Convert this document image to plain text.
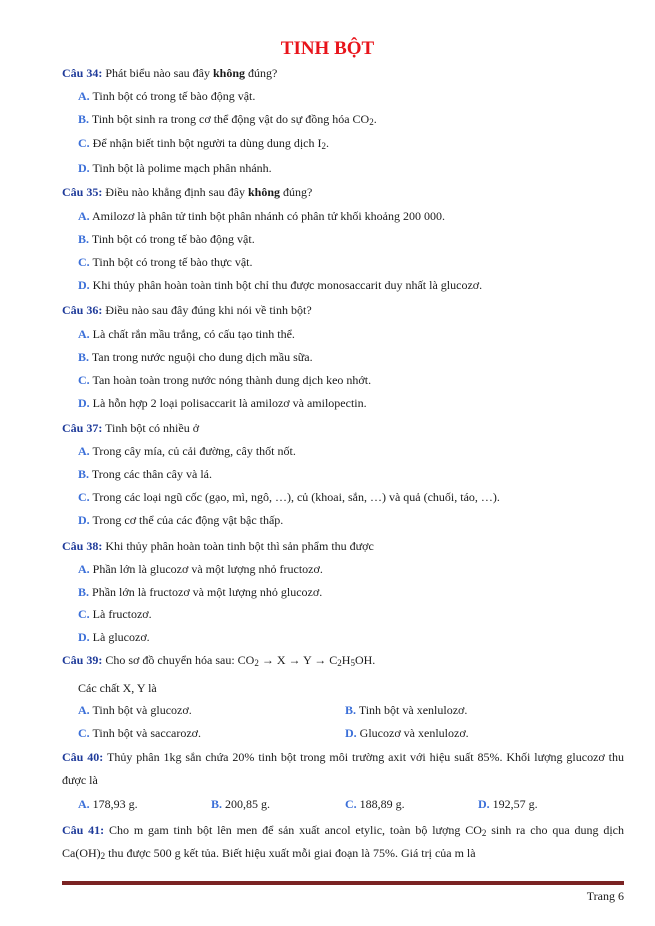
TINH BỘT
Câu 34: Phát biểu nào sau đây không đúng?
A. Tinh bột có trong tế bào động vật.
B. Tinh bột sinh ra trong cơ thể động vật do sự đồng hóa $CO_2$.
C. Để nhận biết tinh bột người ta dùng dung dịch $I_2$.
D. Tinh bột là polime mạch phân nhánh.
Câu 35: Điều nào khẳng định sau đây không đúng?
A. Amilozơ là phân tử tinh bột phân nhánh có phân tử khối khoảng 200 000.
B. Tinh bột có trong tế bào động vật.
C. Tinh bột có trong tế bào thực vật.
D. Khi thủy phân hoàn toàn tinh bột chỉ thu được monosaccarit duy nhất là glucozơ.
Câu 36: Điều nào sau đây đúng khi nói về tinh bột?
A. Là chất rắn mầu trắng, có cấu tạo tinh thể.
B. Tan trong nước nguội cho dung dịch mầu sữa.
C. Tan hoàn toàn trong nước nóng thành dung dịch keo nhớt.
D. Là hỗn hợp 2 loại polisaccarit là amilozơ và amilopectin.
Câu 37: Tinh bột có nhiều ở
A. Trong cây mía, củ cải đường, cây thốt nốt.
B. Trong các thân cây và lá.
C. Trong các loại ngũ cốc (gạo, mì, ngô, …), củ (khoai, sắn, …) và quả (chuối, táo, …).
D. Trong cơ thể của các động vật bậc thấp.
Câu 38: Khi thủy phân hoàn toàn tinh bột thì sản phẩm thu được
A. Phần lớn là glucozơ và một lượng nhỏ fructozơ.
B. Phần lớn là fructozơ và một lượng nhỏ glucozơ.
C. Là fructozơ.
D. Là glucozơ.
Câu 39: Cho sơ đồ chuyển hóa sau: $CO_2 \to X \to Y \to C_2H_5OH$.
Các chất X, Y là
A. Tinh bột và glucozơ.	B. Tinh bột và xenlulozơ.
C. Tinh bột và saccarozơ.	D. Glucozơ và xenlulozơ.
Câu 40: Thủy phân 1kg sắn chứa 20% tinh bột trong môi trường axit với hiệu suất 85%. Khối lượng glucozơ thu được là
A. 178,93 g.	B. 200,85 g.	C. 188,89 g.	D. 192,57 g.
Câu 41: Cho m gam tinh bột lên men để sản xuất ancol etylic, toàn bộ lượng $CO_2$ sinh ra cho qua dung dịch $Ca(OH)_2$ thu được 500 g kết tủa. Biết hiệu xuất mỗi giai đoạn là 75%. Giá trị của m là
Trang 6
